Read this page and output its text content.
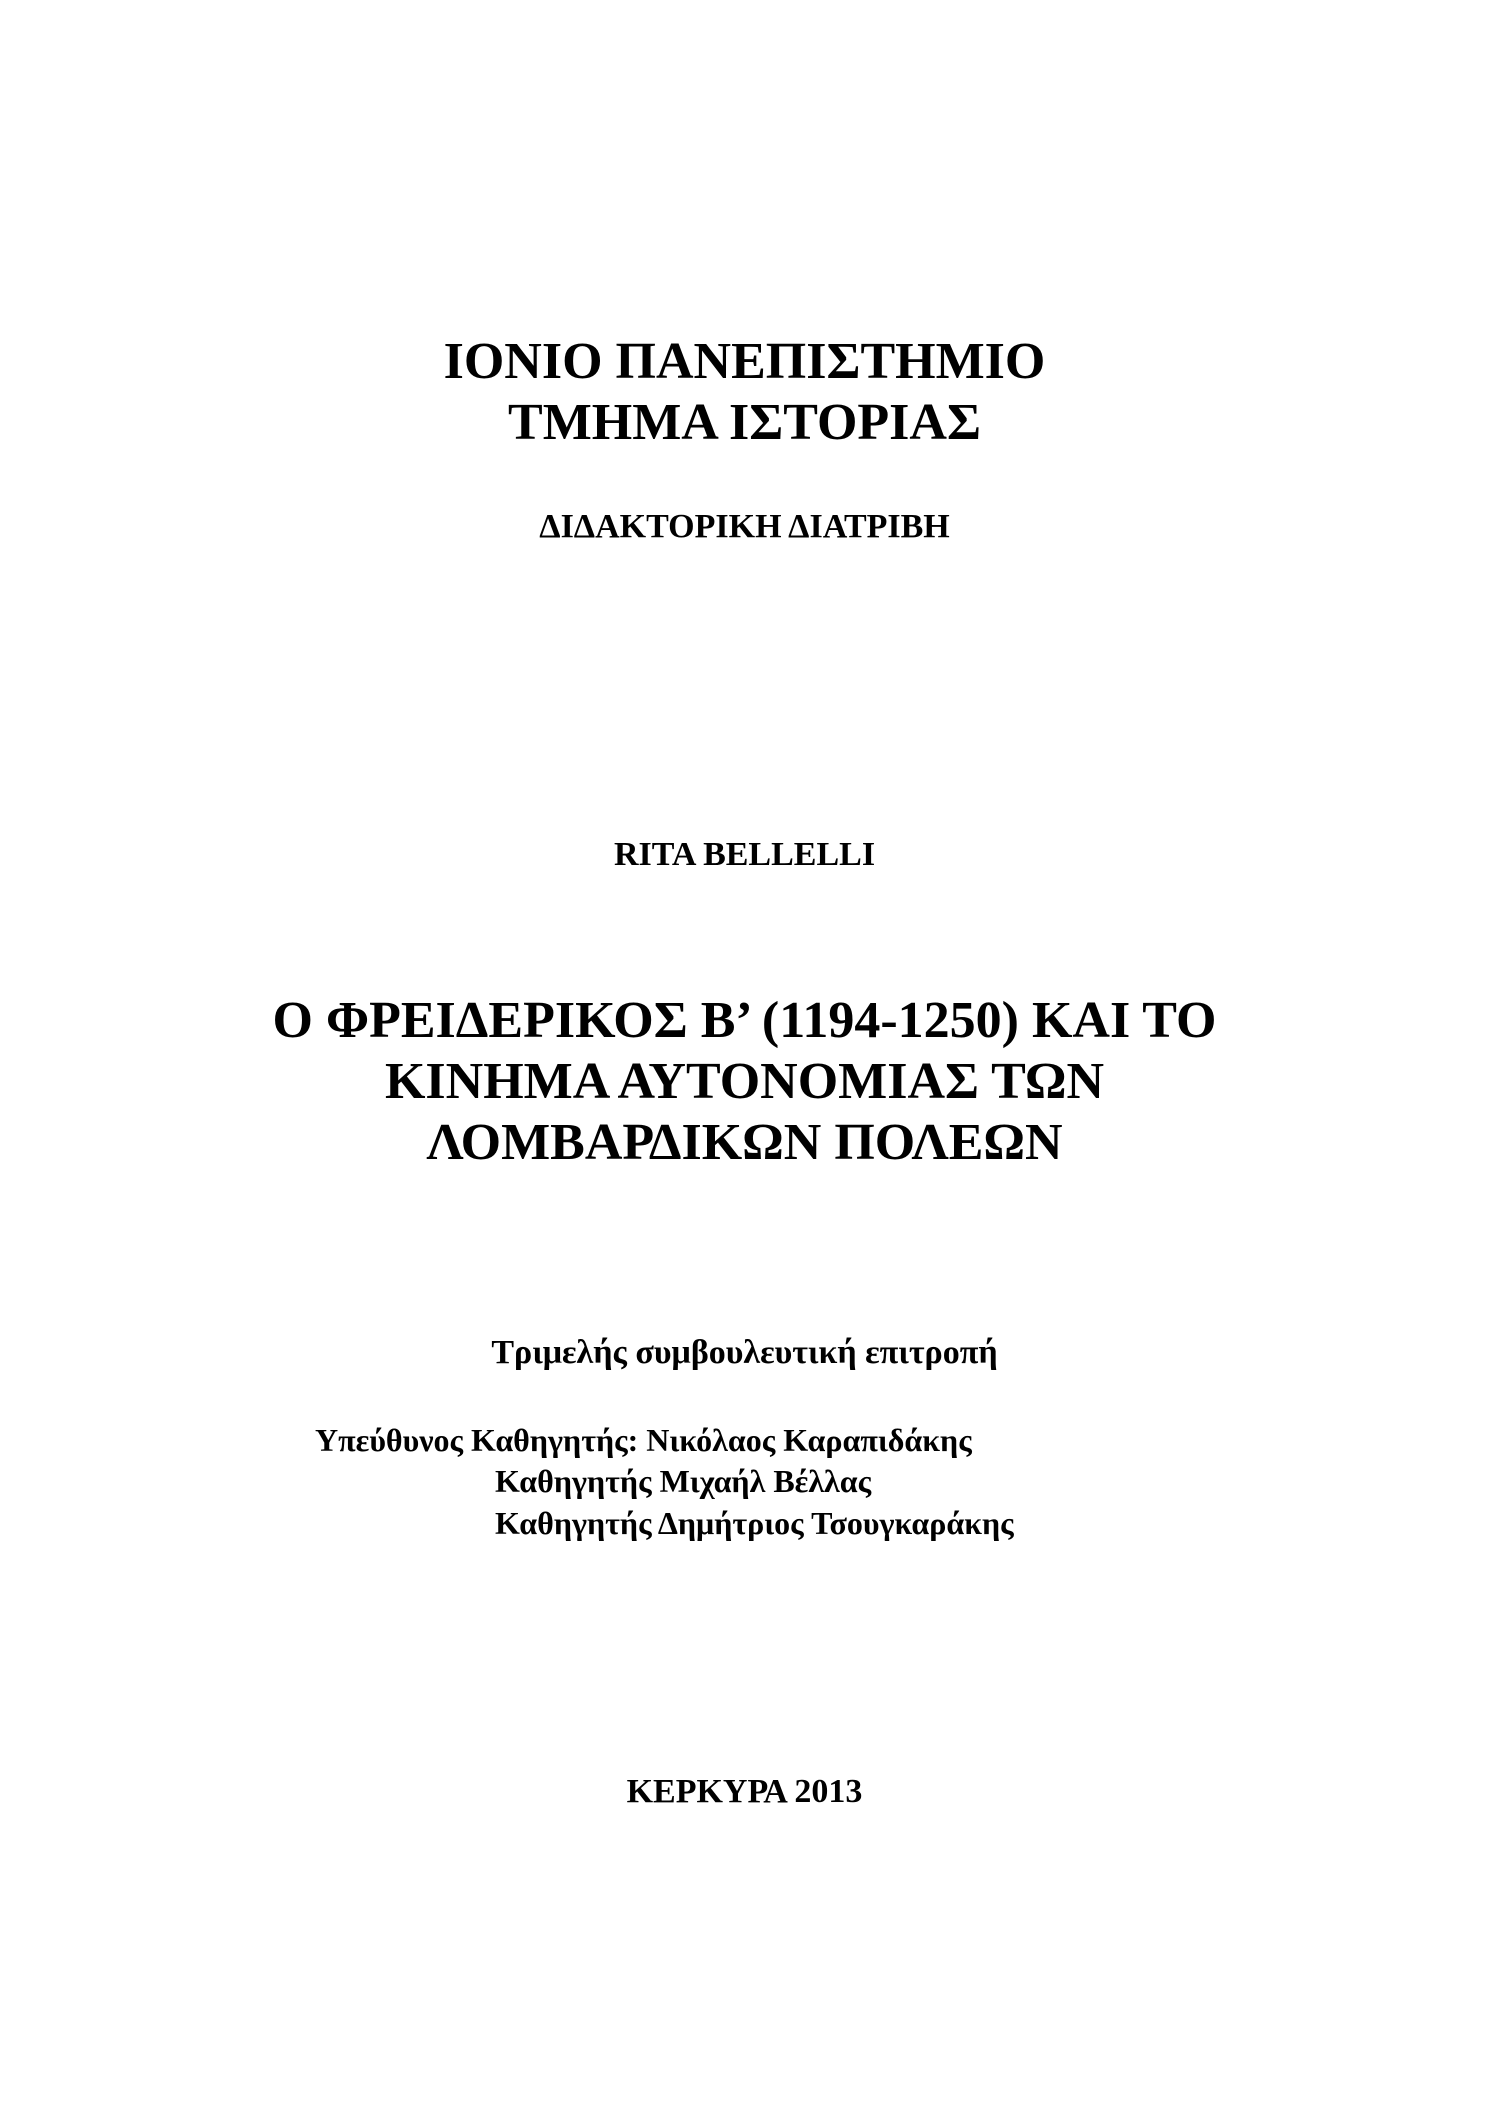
ΙΟΝΙΟ ΠΑΝΕΠΙΣΤΗΜΙΟ
ΤΜΗΜΑ ΙΣΤΟΡΙΑΣ
ΔΙΔΑΚΤΟΡΙΚΗ ΔΙΑΤΡΙΒΗ
RITA BELLELLI
Ο ΦΡΕΙΔΕΡΙΚΟΣ Β’ (1194-1250) ΚΑΙ ΤΟ
ΚΙΝΗΜΑ ΑΥΤΟΝΟΜΙΑΣ ΤΩΝ
ΛΟΜΒΑΡΔΙΚΩΝ ΠΟΛΕΩΝ
Τριμελής συμβουλευτική επιτροπή
Υπεύθυνος Καθηγητής: Νικόλαος Καραπιδάκης
Καθηγητής Μιχαήλ Βέλλας
Καθηγητής Δημήτριος Τσουγκαράκης
ΚΕΡΚΥΡΑ 2013
